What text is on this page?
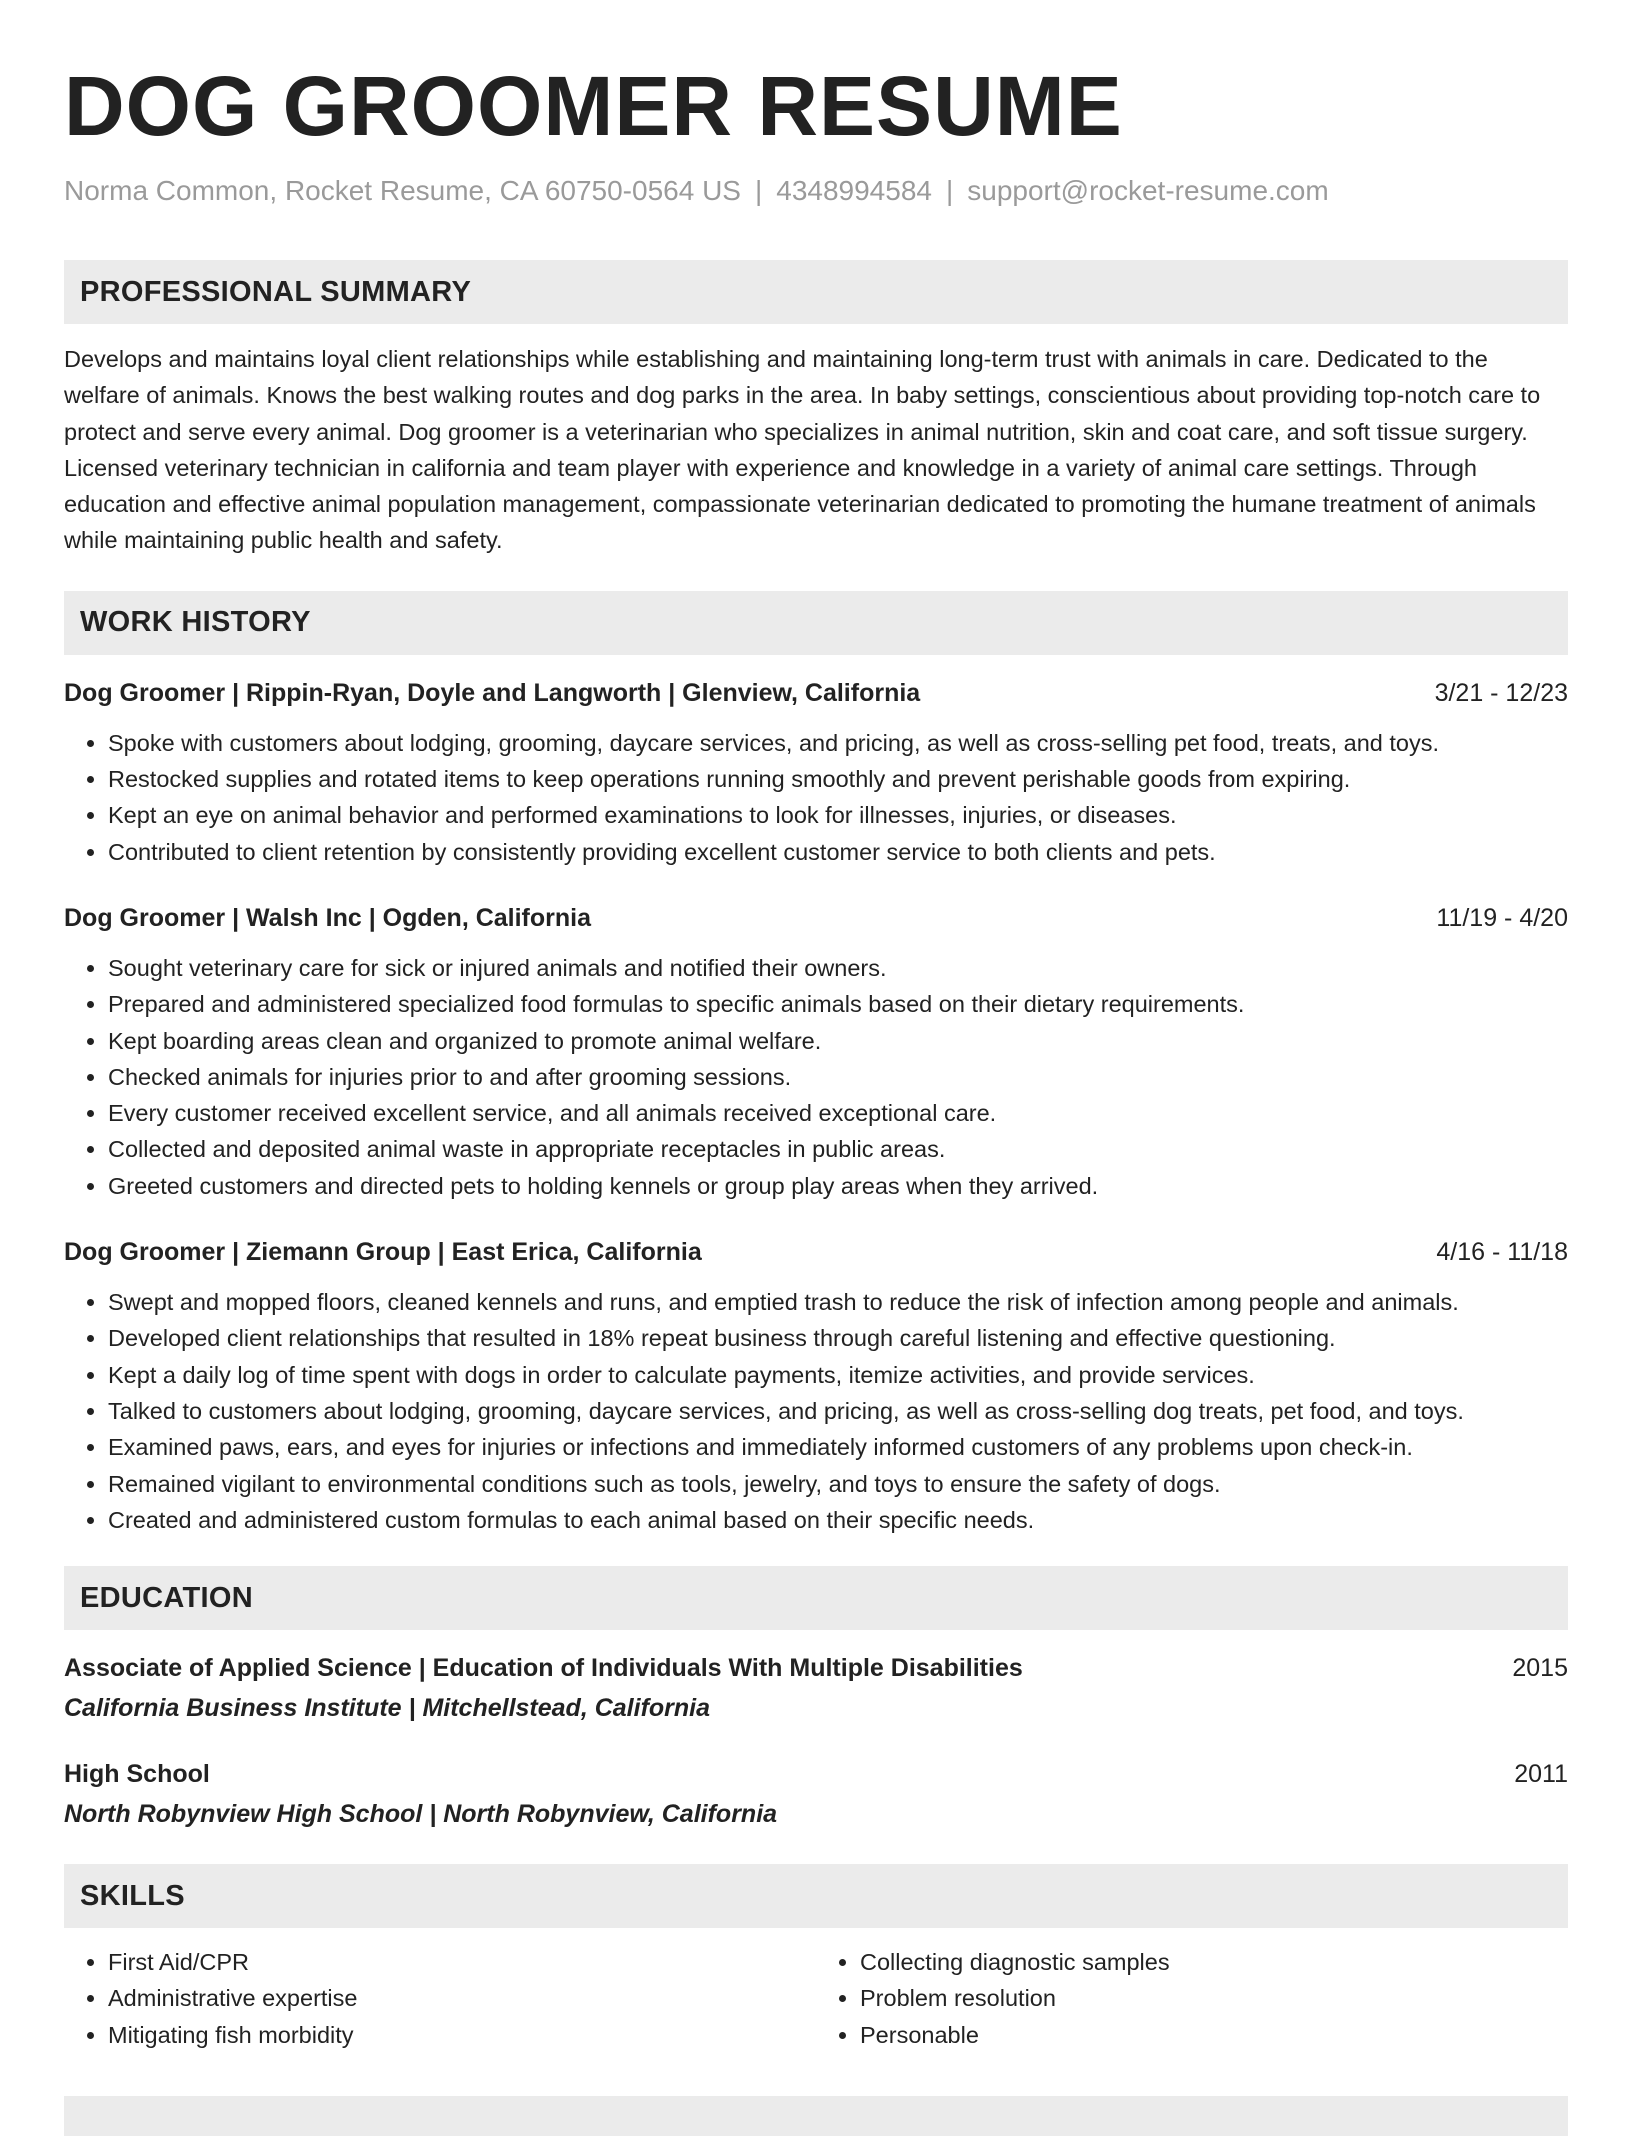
DOG GROOMER RESUME
Norma Common, Rocket Resume, CA 60750-0564 US | 4348994584 | support@rocket-resume.com
PROFESSIONAL SUMMARY

Develops and maintains loyal client relationships while establishing and maintaining long-term trust with animals in care. Dedicated to the welfare of animals. Knows the best walking routes and dog parks in the area. In baby settings, conscientious about providing top-notch care to protect and serve every animal. Dog groomer is a veterinarian who specializes in animal nutrition, skin and coat care, and soft tissue surgery. Licensed veterinary technician in california and team player with experience and knowledge in a variety of animal care settings. Through education and effective animal population management, compassionate veterinarian dedicated to promoting the humane treatment of animals while maintaining public health and safety.

WORK HISTORY
Dog Groomer | Rippin-Ryan, Doyle and Langworth | Glenview, California	3/21 - 12/23
• Spoke with customers about lodging, grooming, daycare services, and pricing, as well as cross-selling pet food, treats, and toys.
• Restocked supplies and rotated items to keep operations running smoothly and prevent perishable goods from expiring.
• Kept an eye on animal behavior and performed examinations to look for illnesses, injuries, or diseases.
• Contributed to client retention by consistently providing excellent customer service to both clients and pets.
Dog Groomer | Walsh Inc | Ogden, California	11/19 - 4/20
• Sought veterinary care for sick or injured animals and notified their owners.
• Prepared and administered specialized food formulas to specific animals based on their dietary requirements.
• Kept boarding areas clean and organized to promote animal welfare.
• Checked animals for injuries prior to and after grooming sessions.
• Every customer received excellent service, and all animals received exceptional care.
• Collected and deposited animal waste in appropriate receptacles in public areas.
• Greeted customers and directed pets to holding kennels or group play areas when they arrived.
Dog Groomer | Ziemann Group | East Erica, California	4/16 - 11/18
• Swept and mopped floors, cleaned kennels and runs, and emptied trash to reduce the risk of infection among people and animals.
• Developed client relationships that resulted in 18% repeat business through careful listening and effective questioning.
• Kept a daily log of time spent with dogs in order to calculate payments, itemize activities, and provide services.
• Talked to customers about lodging, grooming, daycare services, and pricing, as well as cross-selling dog treats, pet food, and toys.
• Examined paws, ears, and eyes for injuries or infections and immediately informed customers of any problems upon check-in.
• Remained vigilant to environmental conditions such as tools, jewelry, and toys to ensure the safety of dogs.
• Created and administered custom formulas to each animal based on their specific needs.
EDUCATION
Associate of Applied Science | Education of Individuals With Multiple Disabilities	2015
California Business Institute | Mitchellstead, California
High School	2011
North Robynview High School | North Robynview, California
SKILLS
• First Aid/CPR
• Administrative expertise
• Mitigating fish morbidity
• Collecting diagnostic samples
• Problem resolution
• Personable
